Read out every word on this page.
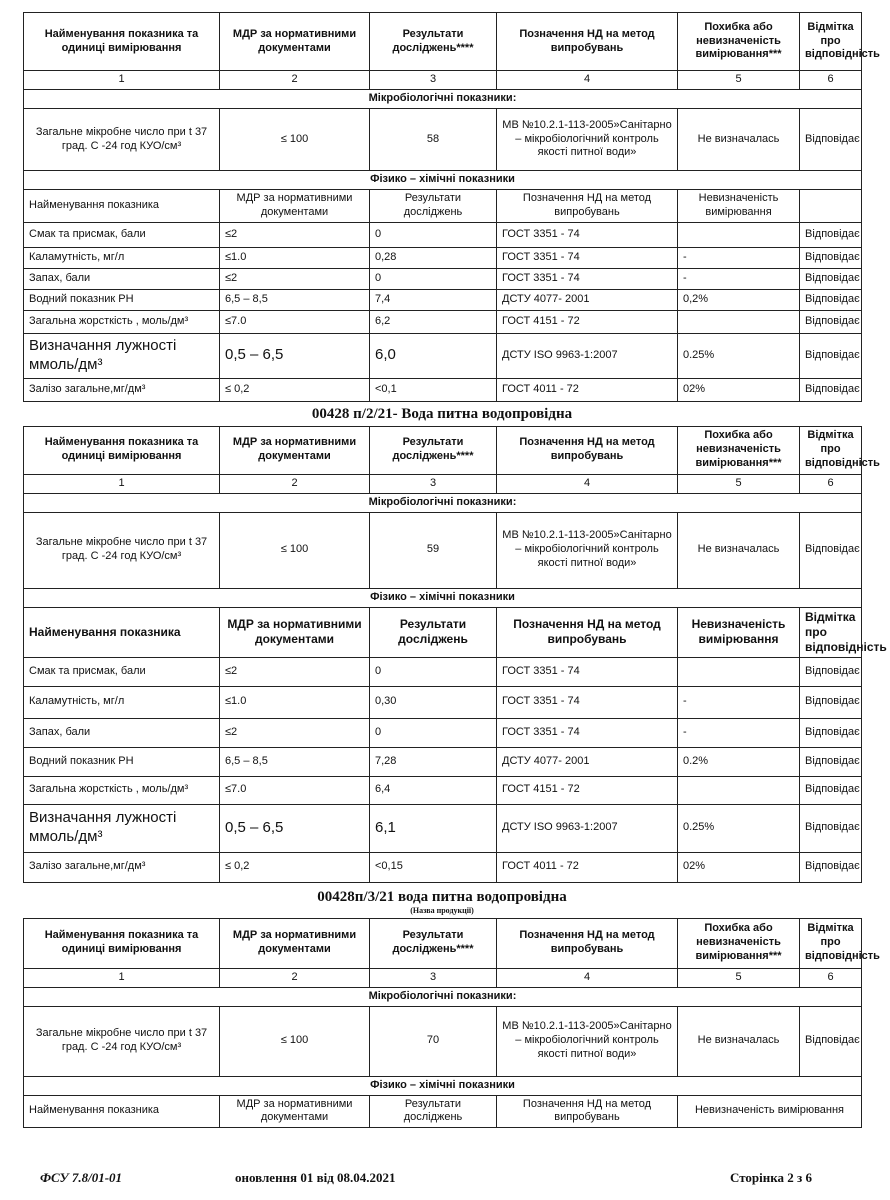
Найменування показника та одиниці вимірювання	МДР за нормативними документами	Результати досліджень****	Позначення НД на метод випробувань	Похибка або невизначеність вимірювання***	Відмітка про відповідність
1	2	3	4	5	6
Мікробіологічні показники:					
Загальне мікробне число при t 37 град. С -24 год КУО/см³	≤ 100	58	МВ №10.2.1-113-2005»Санітарно – мікробіологічний контроль якості питної води»	Не визначалась	Відповідає
Фізико – хімічні показники					
Найменування показника	МДР за нормативними документами	Результати досліджень	Позначення НД на метод випробувань	Невизначеність вимірювання	
Смак та присмак, бали	≤2	0	ГОСТ 3351 - 74		Відповідає
Каламутність, мг/л	≤1.0	0,28	ГОСТ 3351 - 74	-	Відповідає
Запах, бали	≤2	0	ГОСТ 3351 - 74	-	Відповідає
Водний показник РН	6,5 – 8,5	7,4	ДСТУ 4077- 2001	0,2%	Відповідає
Загальна жорсткість , моль/дм³	≤7.0	6,2	ГОСТ 4151 - 72		Відповідає
Визначання лужності ммоль/дм³	0,5 – 6,5	6,0	ДСТУ ISO 9963-1:2007	0.25%	Відповідає
Залізо загальне,мг/дм³	≤ 0,2	<0,1	ГОСТ 4011 - 72	02%	Відповідає
00428 п/2/21- Вода питна водопровідна
Найменування показника та одиниці вимірювання	МДР за нормативними документами	Результати досліджень****	Позначення НД на метод випробувань	Похибка або невизначеність вимірювання***	Відмітка про відповідність
1	2	3	4	5	6
Мікробіологічні показники:					
Загальне мікробне число при t 37 град. С -24 год КУО/см³	≤ 100	59	МВ №10.2.1-113-2005»Санітарно – мікробіологічний контроль якості питної води»	Не визначалась	Відповідає
Фізико – хімічні показники					
Найменування показника	МДР за нормативними документами	Результати досліджень	Позначення НД на метод випробувань	Невизначеність вимірювання	Відмітка про відповідність
Смак та присмак, бали	≤2	0	ГОСТ 3351 - 74		Відповідає
Каламутність, мг/л	≤1.0	0,30	ГОСТ 3351 - 74	-	Відповідає
Запах, бали	≤2	0	ГОСТ 3351 - 74	-	Відповідає
Водний показник РН	6,5 – 8,5	7,28	ДСТУ 4077- 2001	0.2%	Відповідає
Загальна жорсткість , моль/дм³	≤7.0	6,4	ГОСТ 4151 - 72		Відповідає
Визначання лужності ммоль/дм³	0,5 – 6,5	6,1	ДСТУ ISO 9963-1:2007	0.25%	Відповідає
Залізо загальне,мг/дм³	≤ 0,2	<0,15	ГОСТ 4011 - 72	02%	Відповідає
00428п/3/21 вода питна водопровідна
(Назва продукції)
Найменування показника та одиниці вимірювання	МДР за нормативними документами	Результати досліджень****	Позначення НД на метод випробувань	Похибка або невизначеність вимірювання***	Відмітка про відповідність
1	2	3	4	5	6
Мікробіологічні показники:					
Загальне мікробне число при t 37 град. С -24 год КУО/см³	≤ 100	70	МВ №10.2.1-113-2005»Санітарно – мікробіологічний контроль якості питної води»	Не визначалась	Відповідає
Фізико – хімічні показники					
Найменування показника	МДР за нормативними документами	Результати досліджень	Позначення НД на метод випробувань	Невизначеність вимірювання	
ФСУ 7.8/01-01	оновлення 01 від 08.04.2021	Сторінка 2 з 6
